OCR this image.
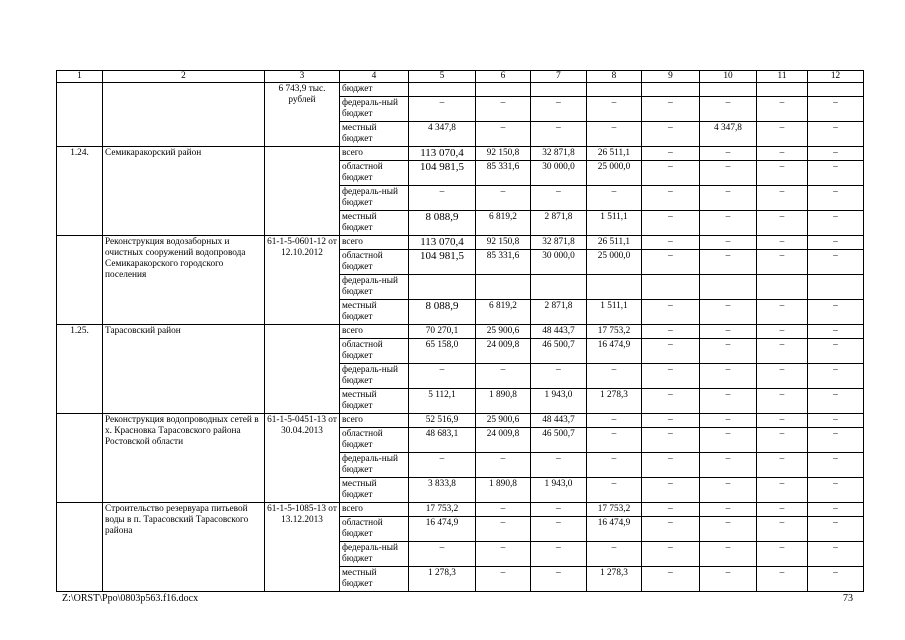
1	2	3	4	5	6	7	8	9	10	11	12
		6 743,9 тыс. рублей	бюджет								
			федераль-ный бюджет	–	–	–	–	–	–	–	–
			местный бюджет	4 347,8	–	–	–	–	4 347,8	–	–
1.24.	Семикаракорский район		всего	113 070,4	92 150,8	32 871,8	26 511,1	–	–	–	–
			областной бюджет	104 981,5	85 331,6	30 000,0	25 000,0	–	–	–	–
			федераль-ный бюджет	–	–	–	–	–	–	–	–
			местный бюджет	8 088,9	6 819,2	2 871,8	1 511,1	–	–	–	–
	Реконструкция водозаборных и очистных сооружений водопровода Семикаракорского городского поселения	61-1-5-0601-12 от 12.10.2012	всего	113 070,4	92 150,8	32 871,8	26 511,1	–	–	–	–
			областной бюджет	104 981,5	85 331,6	30 000,0	25 000,0	–	–	–	–
			федераль-ный бюджет								
			местный бюджет	8 088,9	6 819,2	2 871,8	1 511,1	–	–	–	–
1.25.	Тарасовский район		всего	70 270,1	25 900,6	48 443,7	17 753,2	–	–	–	–
			областной бюджет	65 158,0	24 009,8	46 500,7	16 474,9	–	–	–	–
			федераль-ный бюджет	–	–	–	–	–	–	–	–
			местный бюджет	5 112,1	1 890,8	1 943,0	1 278,3	–	–	–	–
	Реконструкция водопроводных сетей в х. Красновка Тарасовского района Ростовской области	61-1-5-0451-13 от 30.04.2013	всего	52 516,9	25 900,6	48 443,7	–	–	–	–	–
			областной бюджет	48 683,1	24 009,8	46 500,7	–	–	–	–	–
			федераль-ный бюджет	–	–	–	–	–	–	–	–
			местный бюджет	3 833,8	1 890,8	1 943,0	–	–	–	–	–
	Строительство резервуара питьевой воды в п. Тарасовский Тарасовского района	61-1-5-1085-13 от 13.12.2013	всего	17 753,2	–	–	17 753,2	–	–	–	–
			областной бюджет	16 474,9	–	–	16 474,9	–	–	–	–
			федераль-ный бюджет	–	–	–	–	–	–	–	–
			местный бюджет	1 278,3	–	–	1 278,3	–	–	–	–
Z:\ORST\Ppo\0803p563.f16.docx	73
